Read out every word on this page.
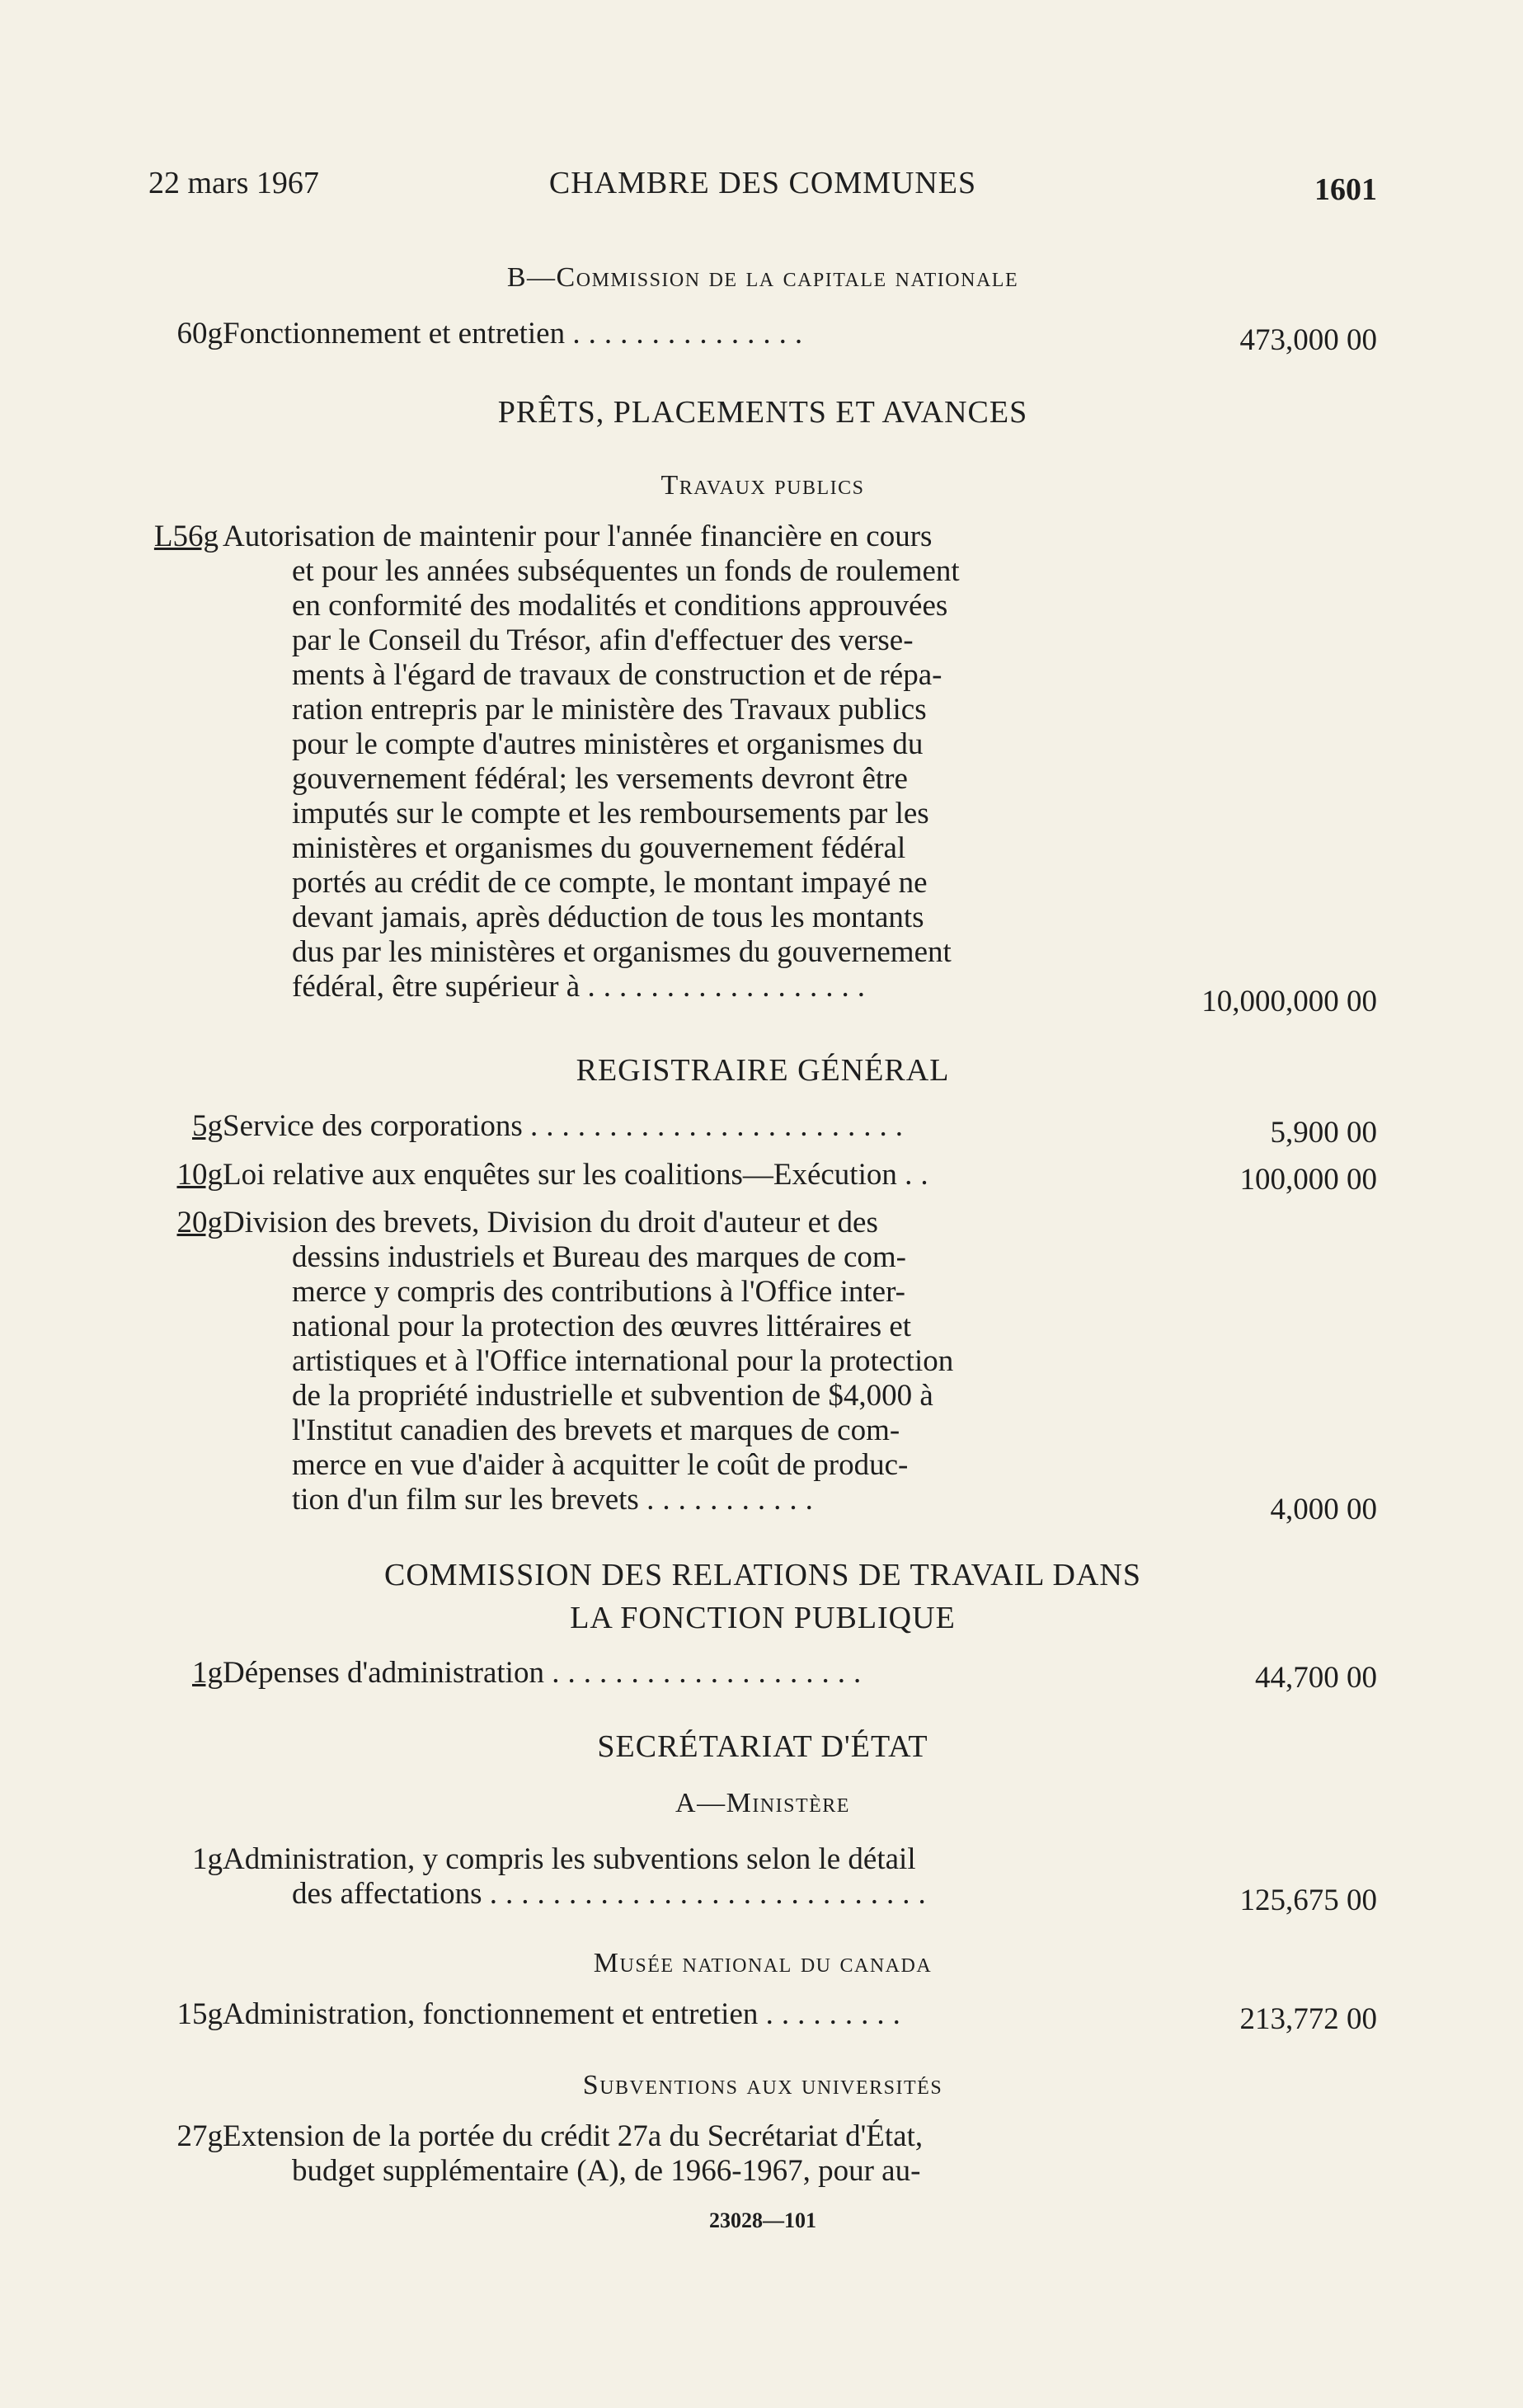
22 mars 1967	CHAMBRE DES COMMUNES	1601
B—Commission de la capitale nationale
60g Fonctionnement et entretien ...............	473,000 00
PRÊTS, PLACEMENTS ET AVANCES
Travaux publics
L56g Autorisation de maintenir pour l'année financière en cours
et pour les années subséquentes un fonds de roulement
en conformité des modalités et conditions approuvées
par le Conseil du Trésor, afin d'effectuer des verse-
ments à l'égard de travaux de construction et de répa-
ration entrepris par le ministère des Travaux publics
pour le compte d'autres ministères et organismes du
gouvernement fédéral; les versements devront être
imputés sur le compte et les remboursements par les
ministères et organismes du gouvernement fédéral
portés au crédit de ce compte, le montant impayé ne
devant jamais, après déduction de tous les montants
dus par les ministères et organismes du gouvernement
fédéral, être supérieur à ..................	10,000,000 00
REGISTRAIRE GÉNÉRAL
5g Service des corporations ........................	5,900 00
10g Loi relative aux enquêtes sur les coalitions—Exécution ..	100,000 00
20g Division des brevets, Division du droit d'auteur et des
dessins industriels et Bureau des marques de com-
merce y compris des contributions à l'Office inter-
national pour la protection des œuvres littéraires et
artistiques et à l'Office international pour la protection
de la propriété industrielle et subvention de $4,000 à
l'Institut canadien des brevets et marques de com-
merce en vue d'aider à acquitter le coût de produc-
tion d'un film sur les brevets ...........	4,000 00
COMMISSION DES RELATIONS DE TRAVAIL DANS
LA FONCTION PUBLIQUE
1g Dépenses d'administration ....................	44,700 00
SECRÉTARIAT D'ÉTAT
A—Ministère
1g Administration, y compris les subventions selon le détail
des affectations ............................	125,675 00
Musée national du canada
15g Administration, fonctionnement et entretien .........	213,772 00
Subventions aux universités
27g Extension de la portée du crédit 27a du Secrétariat d'État,
budget supplémentaire (A), de 1966-1967, pour au-
23028—101
